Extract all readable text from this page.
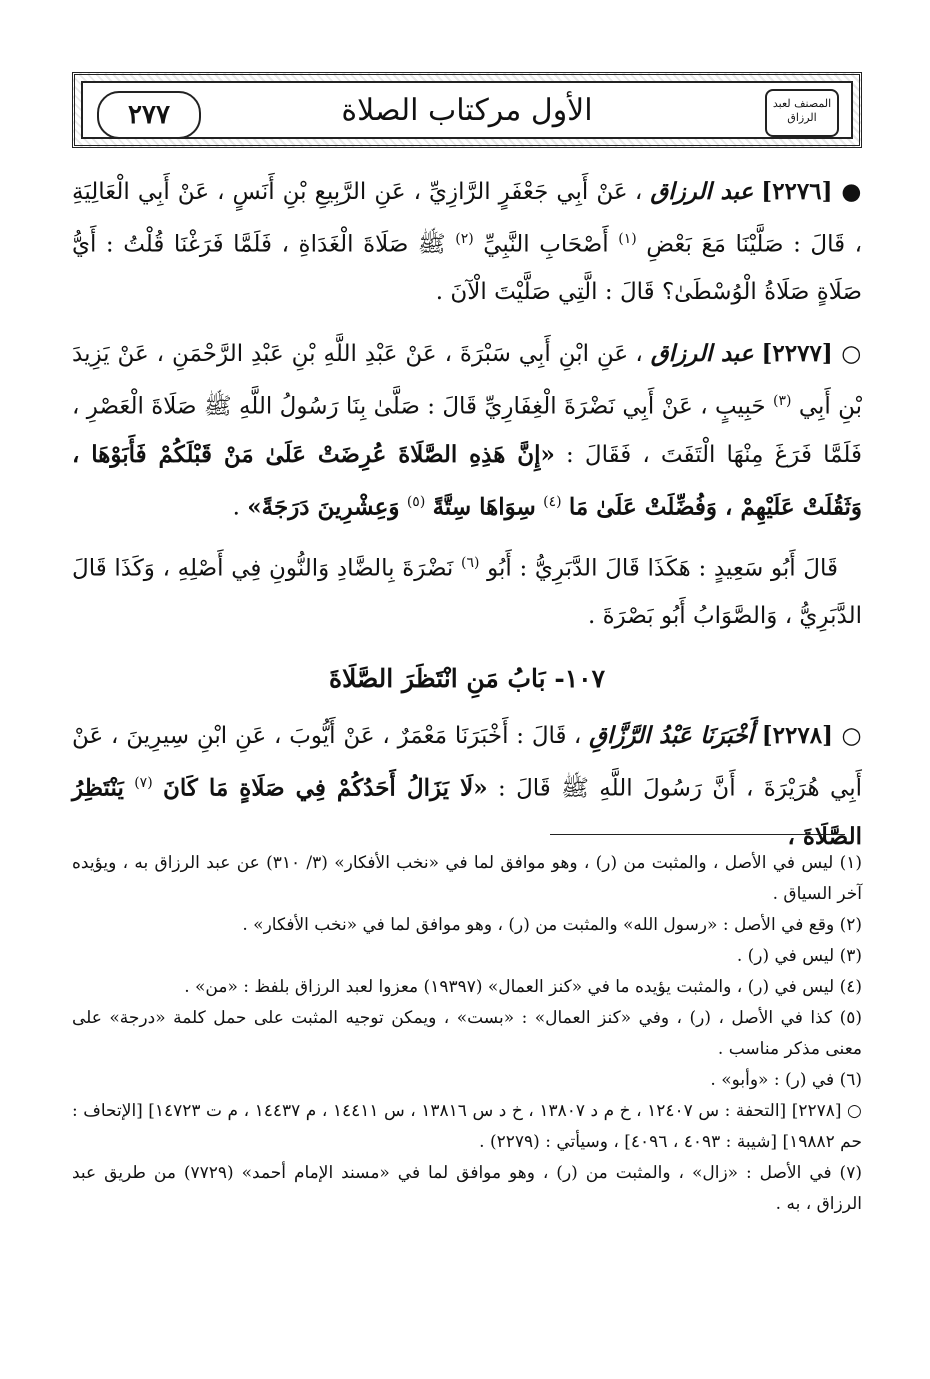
٢٧٧	الأول مركتاب الصلاة	المصنف لعبد الرزاق

● [٢٢٧٦] عبد الرزاق ، عَنْ أَبِي جَعْفَرٍ الرَّازِيِّ ، عَنِ الرَّبِيعِ بْنِ أَنَسٍ ، عَنْ أَبِي الْعَالِيَةِ ، قَالَ : صَلَّيْنَا مَعَ بَعْضِ $^{(١)}$ أَصْحَابِ النَّبِيِّ $^{(٢)}$ ﷺ صَلَاةَ الْغَدَاةِ ، فَلَمَّا فَرَغْنَا قُلْتُ : أَيُّ صَلَاةٍ صَلَاةُ الْوُسْطَىٰ؟ قَالَ : الَّتِي صَلَّيْتَ الْآنَ .

○ [٢٢٧٧] عبد الرزاق ، عَنِ ابْنِ أَبِي سَبْرَةَ ، عَنْ عَبْدِ اللَّهِ بْنِ عَبْدِ الرَّحْمَنِ ، عَنْ يَزِيدَ بْنِ أَبِي $^{(٣)}$ حَبِيبٍ ، عَنْ أَبِي نَضْرَةَ الْغِفَارِيِّ قَالَ : صَلَّىٰ بِنَا رَسُولُ اللَّهِ ﷺ صَلَاةَ الْعَصْرِ ، فَلَمَّا فَرَغَ مِنْهَا الْتَفَتَ ، فَقَالَ : «إِنَّ هَذِهِ الصَّلَاةَ عُرِضَتْ عَلَىٰ مَنْ قَبْلَكُمْ فَأَبَوْهَا ، وَثَقُلَتْ عَلَيْهِمْ ، وَفُضِّلَتْ عَلَىٰ مَا $^{(٤)}$ سِوَاهَا سِتَّةً $^{(٥)}$ وَعِشْرِينَ دَرَجَةً» .

قَالَ أَبُو سَعِيدٍ : هَكَذَا قَالَ الدَّبَرِيُّ : أَبُو $^{(٦)}$ نَضْرَةَ بِالضَّادِ وَالنُّونِ فِي أَصْلِهِ ، وَكَذَا قَالَ الدَّبَرِيُّ ، وَالصَّوَابُ أَبُو بَصْرَةَ .

١٠٧- بَابُ مَنِ انْتَظَرَ الصَّلَاةَ

○ [٢٢٧٨] أَخْبَرَنَا عَبْدُ الرَّزَّاقِ ، قَالَ : أَخْبَرَنَا مَعْمَرٌ ، عَنْ أَيُّوبَ ، عَنِ ابْنِ سِيرِينَ ، عَنْ أَبِي هُرَيْرَةَ ، أَنَّ رَسُولَ اللَّهِ ﷺ قَالَ : «لَا يَزَالُ أَحَدُكُمْ فِي صَلَاةٍ مَا كَانَ $^{(٧)}$ يَنْتَظِرُ الصَّلَاةَ ،

(١) ليس في الأصل ، والمثبت من (ر) ، وهو موافق لما في «نخب الأفكار» (٣/ ٣١٠) عن عبد الرزاق به ، ويؤيده آخر السياق .

(٢) وقع في الأصل : «رسول الله» والمثبت من (ر) ، وهو موافق لما في «نخب الأفكار» .

(٣) ليس في (ر) .

(٤) ليس في (ر) ، والمثبت يؤيده ما في «كنز العمال» (١٩٣٩٧) معزوا لعبد الرزاق بلفظ : «من» .

(٥) كذا في الأصل ، (ر) ، وفي «كنز العمال» : «بست» ، ويمكن توجيه المثبت على حمل كلمة «درجة» على معنى مذكر مناسب .

(٦) في (ر) : «وأبو» .

○ [٢٢٧٨] [التحفة : س ١٢٤٠٧ ، خ م د ١٣٨٠٧ ، خ د س ١٣٨١٦ ، س ١٤٤١١ ، م ١٤٤٣٧ ، م ت ١٤٧٢٣] [الإتحاف : حم ١٩٨٨٢] [شيبة : ٤٠٩٣ ، ٤٠٩٦] ، وسيأتي : (٢٢٧٩) .

(٧) في الأصل : «زال» ، والمثبت من (ر) ، وهو موافق لما في «مسند الإمام أحمد» (٧٧٢٩) من طريق عبد الرزاق ، به .
